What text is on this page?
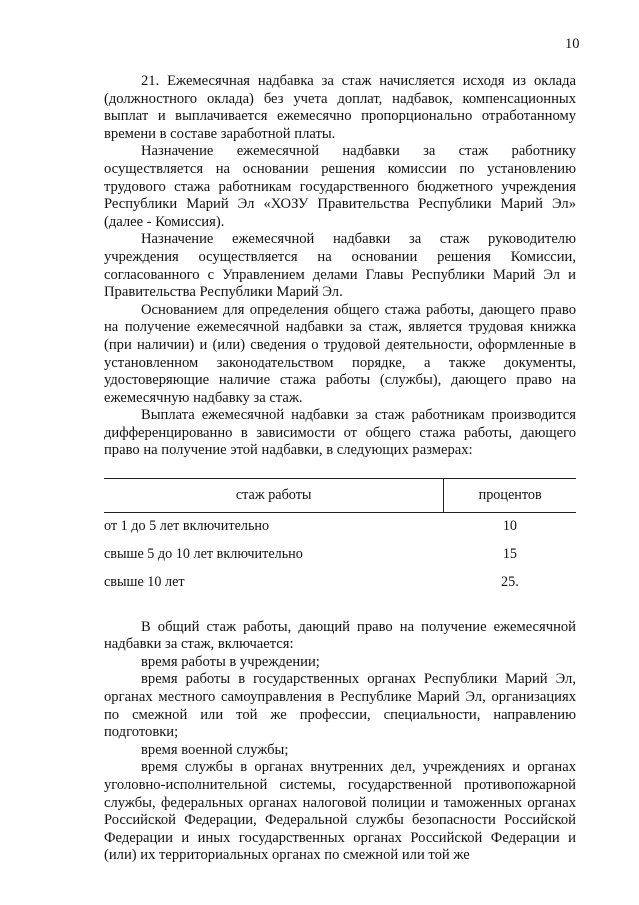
10

21. Ежемесячная надбавка за стаж начисляется исходя из оклада (должностного оклада) без учета доплат, надбавок, компенсационных выплат и выплачивается ежемесячно пропорционально отработанному времени в составе заработной платы.

Назначение ежемесячной надбавки за стаж работнику осуществляется на основании решения комиссии по установлению трудового стажа работникам государственного бюджетного учреждения Республики Марий Эл «ХОЗУ Правительства Республики Марий Эл» (далее - Комиссия).

Назначение ежемесячной надбавки за стаж руководителю учреждения осуществляется на основании решения Комиссии, согласованного с Управлением делами Главы Республики Марий Эл и Правительства Республики Марий Эл.

Основанием для определения общего стажа работы, дающего право на получение ежемесячной надбавки за стаж, является трудовая книжка (при наличии) и (или) сведения о трудовой деятельности, оформленные в установленном законодательством порядке, а также документы, удостоверяющие наличие стажа работы (службы), дающего право на ежемесячную надбавку за стаж.

Выплата ежемесячной надбавки за стаж работникам производится дифференцированно в зависимости от общего стажа работы, дающего право на получение этой надбавки, в следующих размерах:

стаж работы	процентов
от 1 до 5 лет включительно	10
свыше 5 до 10 лет включительно	15
свыше 10 лет	25.

В общий стаж работы, дающий право на получение ежемесячной надбавки за стаж, включается:

время работы в учреждении;

время работы в государственных органах Республики Марий Эл, органах местного самоуправления в Республике Марий Эл, организациях по смежной или той же профессии, специальности, направлению подготовки;

время военной службы;

время службы в органах внутренних дел, учреждениях и органах уголовно-исполнительной системы, государственной противопожарной службы, федеральных органах налоговой полиции и таможенных органах Российской Федерации, Федеральной службы безопасности Российской Федерации и иных государственных органах Российской Федерации и (или) их территориальных органах по смежной или той же
